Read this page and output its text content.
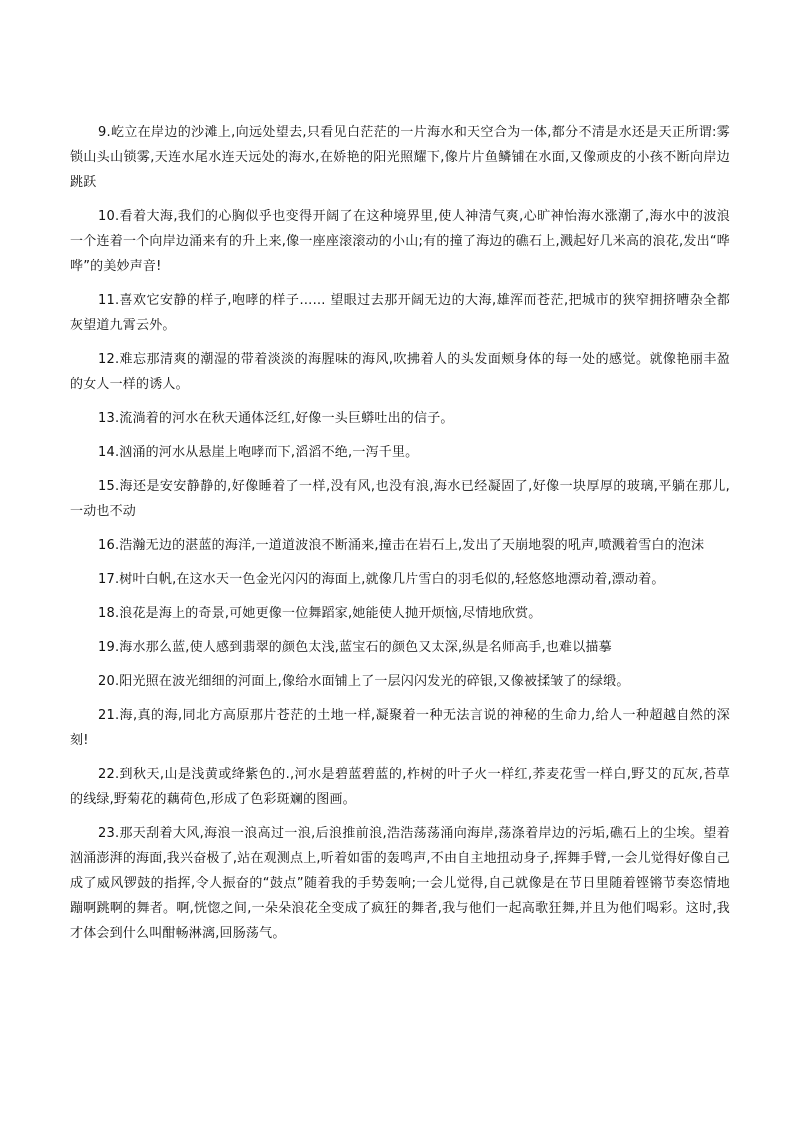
9.屹立在岸边的沙滩上,向远处望去,只看见白茫茫的一片海水和天空合为一体,都分不清是水还是天正所谓:雾锁山头山锁雾,天连水尾水连天远处的海水,在娇艳的阳光照耀下,像片片鱼鳞铺在水面,又像顽皮的小孩不断向岸边跳跃

10.看着大海,我们的心胸似乎也变得开阔了在这种境界里,使人神清气爽,心旷神怡海水涨潮了,海水中的波浪一个连着一个向岸边涌来有的升上来,像一座座滚滚动的小山;有的撞了海边的礁石上,溅起好几米高的浪花,发出“哗哗”的美妙声音!

11.喜欢它安静的样子,咆哮的样子…… 望眼过去那开阔无边的大海,雄浑而苍茫,把城市的狭窄拥挤嘈杂全都灰望道九霄云外。

12.难忘那清爽的潮湿的带着淡淡的海腥味的海风,吹拂着人的头发面颊身体的每一处的感觉。就像艳丽丰盈的女人一样的诱人。

13.流淌着的河水在秋天通体泛红,好像一头巨蟒吐出的信子。

14.汹涌的河水从悬崖上咆哮而下,滔滔不绝,一泻千里。

15.海还是安安静静的,好像睡着了一样,没有风,也没有浪,海水已经凝固了,好像一块厚厚的玻璃,平躺在那儿,一动也不动

16.浩瀚无边的湛蓝的海洋,一道道波浪不断涌来,撞击在岩石上,发出了天崩地裂的吼声,喷溅着雪白的泡沫

17.树叶白帆,在这水天一色金光闪闪的海面上,就像几片雪白的羽毛似的,轻悠悠地漂动着,漂动着。

18.浪花是海上的奇景,可她更像一位舞蹈家,她能使人抛开烦恼,尽情地欣赏。

19.海水那么蓝,使人感到翡翠的颜色太浅,蓝宝石的颜色又太深,纵是名师高手,也难以描摹

20.阳光照在波光细细的河面上,像给水面铺上了一层闪闪发光的碎银,又像被揉皱了的绿缎。

21.海,真的海,同北方高原那片苍茫的土地一样,凝聚着一种无法言说的神秘的生命力,给人一种超越自然的深刻!

22.到秋天,山是浅黄或绛紫色的.,河水是碧蓝碧蓝的,柞树的叶子火一样红,荞麦花雪一样白,野艾的瓦灰,苔草的线绿,野菊花的藕荷色,形成了色彩斑斓的图画。

23.那天刮着大风,海浪一浪高过一浪,后浪推前浪,浩浩荡荡涌向海岸,荡涤着岸边的污垢,礁石上的尘埃。望着汹涌澎湃的海面,我兴奋极了,站在观测点上,听着如雷的轰鸣声,不由自主地扭动身子,挥舞手臂,一会儿觉得好像自己成了威风锣鼓的指挥,令人振奋的“鼓点”随着我的手势轰响;一会儿觉得,自己就像是在节日里随着铿锵节奏恣情地蹦啊跳啊的舞者。啊,恍惚之间,一朵朵浪花全变成了疯狂的舞者,我与他们一起高歌狂舞,并且为他们喝彩。这时,我才体会到什么叫酣畅淋漓,回肠荡气。
